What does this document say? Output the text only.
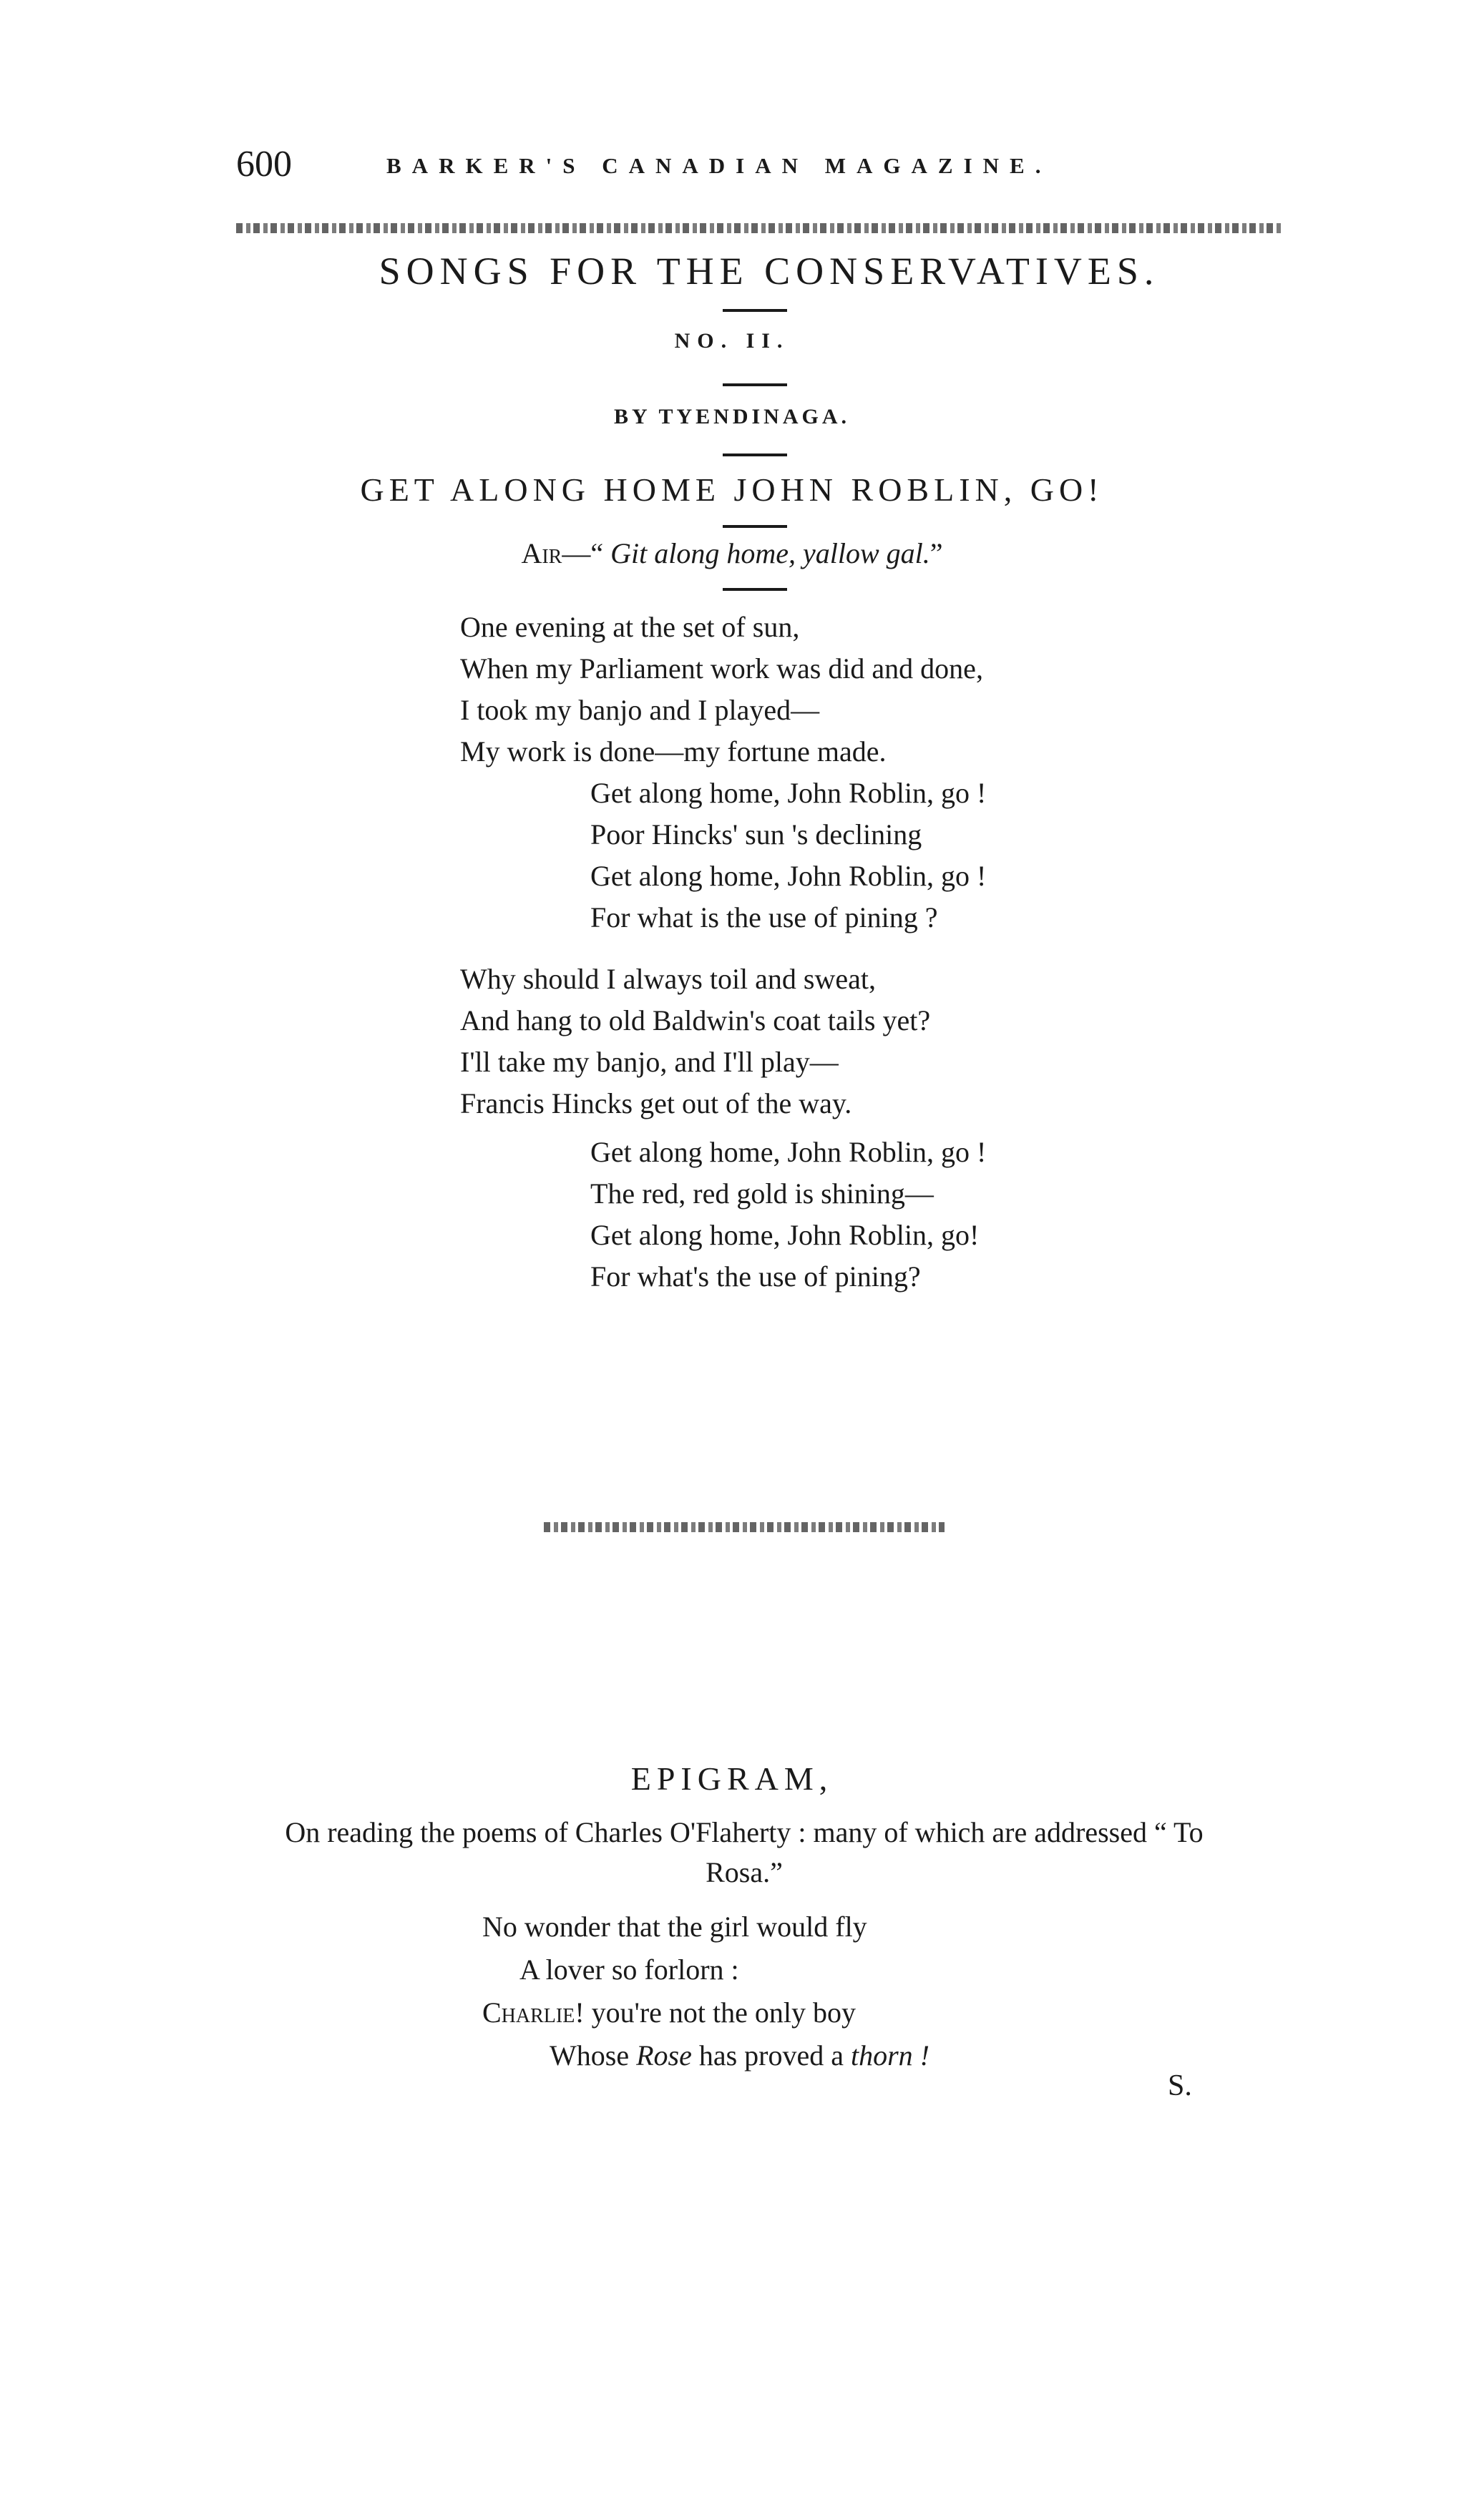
600	BARKER'S CANADIAN MAGAZINE.
SONGS FOR THE CONSERVATIVES.
NO. II.
BY TYENDINAGA.
GET ALONG HOME JOHN ROBLIN, GO!
Air—“ Git along home, yallow gal.”
One evening at the set of sun,
When my Parliament work was did and done,
I took my banjo and I played—
My work is done—my fortune made.
Get along home, John Roblin, go !
Poor Hincks' sun 's declining
Get along home, John Roblin, go !
For what is the use of pining ?
Why should I always toil and sweat,
And hang to old Baldwin's coat tails yet?
I'll take my banjo, and I'll play—
Francis Hincks get out of the way.
Get along home, John Roblin, go !
The red, red gold is shining—
Get along home, John Roblin, go!
For what's the use of pining?
EPIGRAM,
On reading the poems of Charles O'Flaherty : many of which are addressed “ To Rosa.”
No wonder that the girl would fly
A lover so forlorn :
Charlie! you're not the only boy
Whose Rose has proved a thorn !
S.
